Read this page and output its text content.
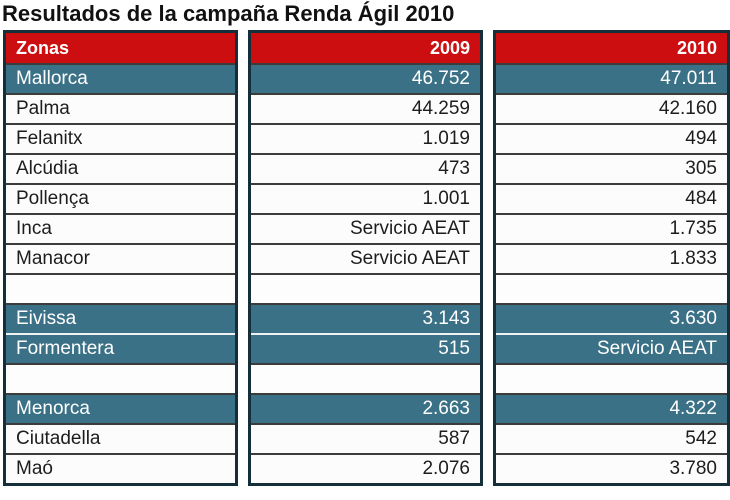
Resultados de la campaña Renda Ágil 2010
Zonas
Mallorca
Palma
Felanitx
Alcúdia
Pollença
Inca
Manacor
Eivissa
Formentera
Menorca
Ciutadella
Maó
2009
46.752
44.259
1.019
473
1.001
Servicio AEAT
Servicio AEAT
3.143
515
2.663
587
2.076
2010
47.011
42.160
494
305
484
1.735
1.833
3.630
Servicio AEAT
4.322
542
3.780
